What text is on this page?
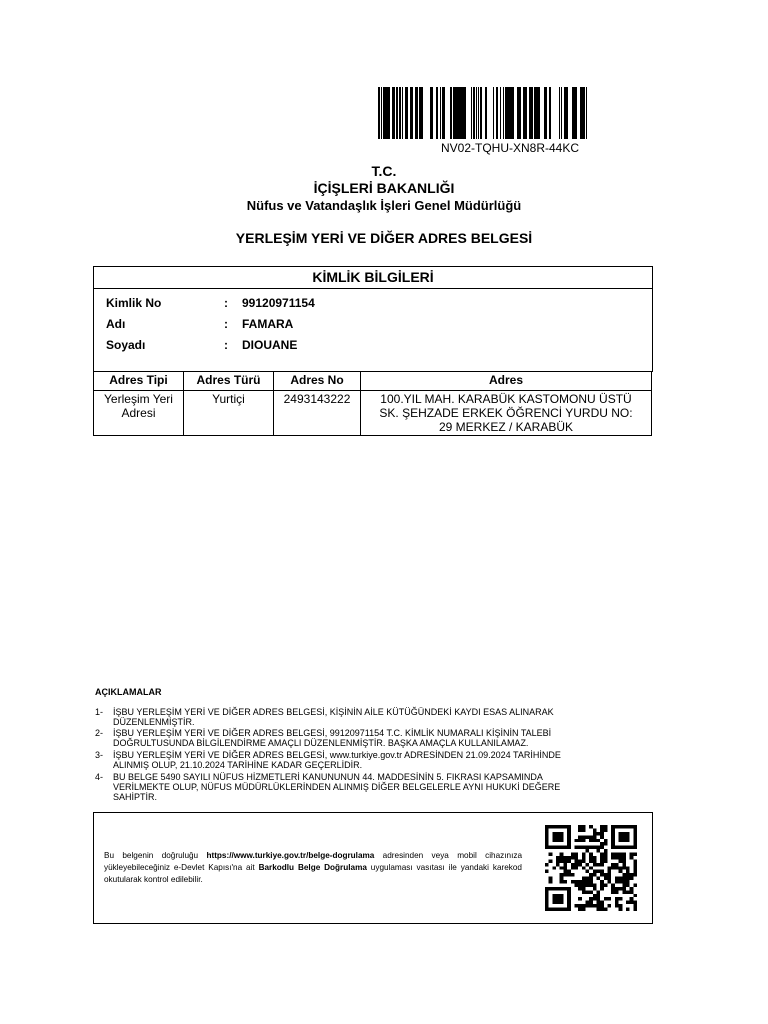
NV02-TQHU-XN8R-44KC
T.C.
İÇİŞLERİ BAKANLIĞI
Nüfus ve Vatandaşlık İşleri Genel Müdürlüğü
YERLEŞİM YERİ VE DİĞER ADRES BELGESİ
KİMLİK BİLGİLERİ
Kimlik No	: 99120971154
Adı	: FAMARA
Soyadı	: DIOUANE
Adres Tipi	Adres Türü	Adres No	Adres
Yerleşim Yeri
Adresi	Yurtiçi	2493143222	100.YIL MAH. KARABÜK KASTOMONU ÜSTÜ
SK. ŞEHZADE ERKEK ÖĞRENCİ YURDU NO:
29 MERKEZ / KARABÜK
AÇIKLAMALAR
1- İŞBU YERLEŞİM YERİ VE DİĞER ADRES BELGESİ, KİŞİNİN AİLE KÜTÜĞÜNDEKİ KAYDI ESAS ALINARAK
DÜZENLENMİŞTİR.
2- İŞBU YERLEŞİM YERİ VE DİĞER ADRES BELGESİ, 99120971154 T.C. KİMLİK NUMARALI KİŞİNİN TALEBİ
DOĞRULTUSUNDA BİLGİLENDİRME AMAÇLI DÜZENLENMİŞTİR. BAŞKA AMAÇLA KULLANILAMAZ.
3- İŞBU YERLEŞİM YERİ VE DİĞER ADRES BELGESİ, www.turkiye.gov.tr ADRESİNDEN 21.09.2024 TARİHİNDE
ALINMIŞ OLUP, 21.10.2024 TARİHİNE KADAR GEÇERLİDİR.
4- BU BELGE 5490 SAYILI NÜFUS HİZMETLERİ KANUNUNUN 44. MADDESİNİN 5. FIKRASI KAPSAMINDA
VERİLMEKTE OLUP, NÜFUS MÜDÜRLÜKLERİNDEN ALINMIŞ DİĞER BELGELERLE AYNI HUKUKİ DEĞERE
SAHİPTİR.
Bu belgenin doğruluğu https://www.turkiye.gov.tr/belge-dogrulama adresinden veya mobil cihazınıza yükleyebileceğiniz e-Devlet Kapısı'na ait Barkodlu Belge Doğrulama uygulaması vasıtası ile yandaki karekod okutularak kontrol edilebilir.
